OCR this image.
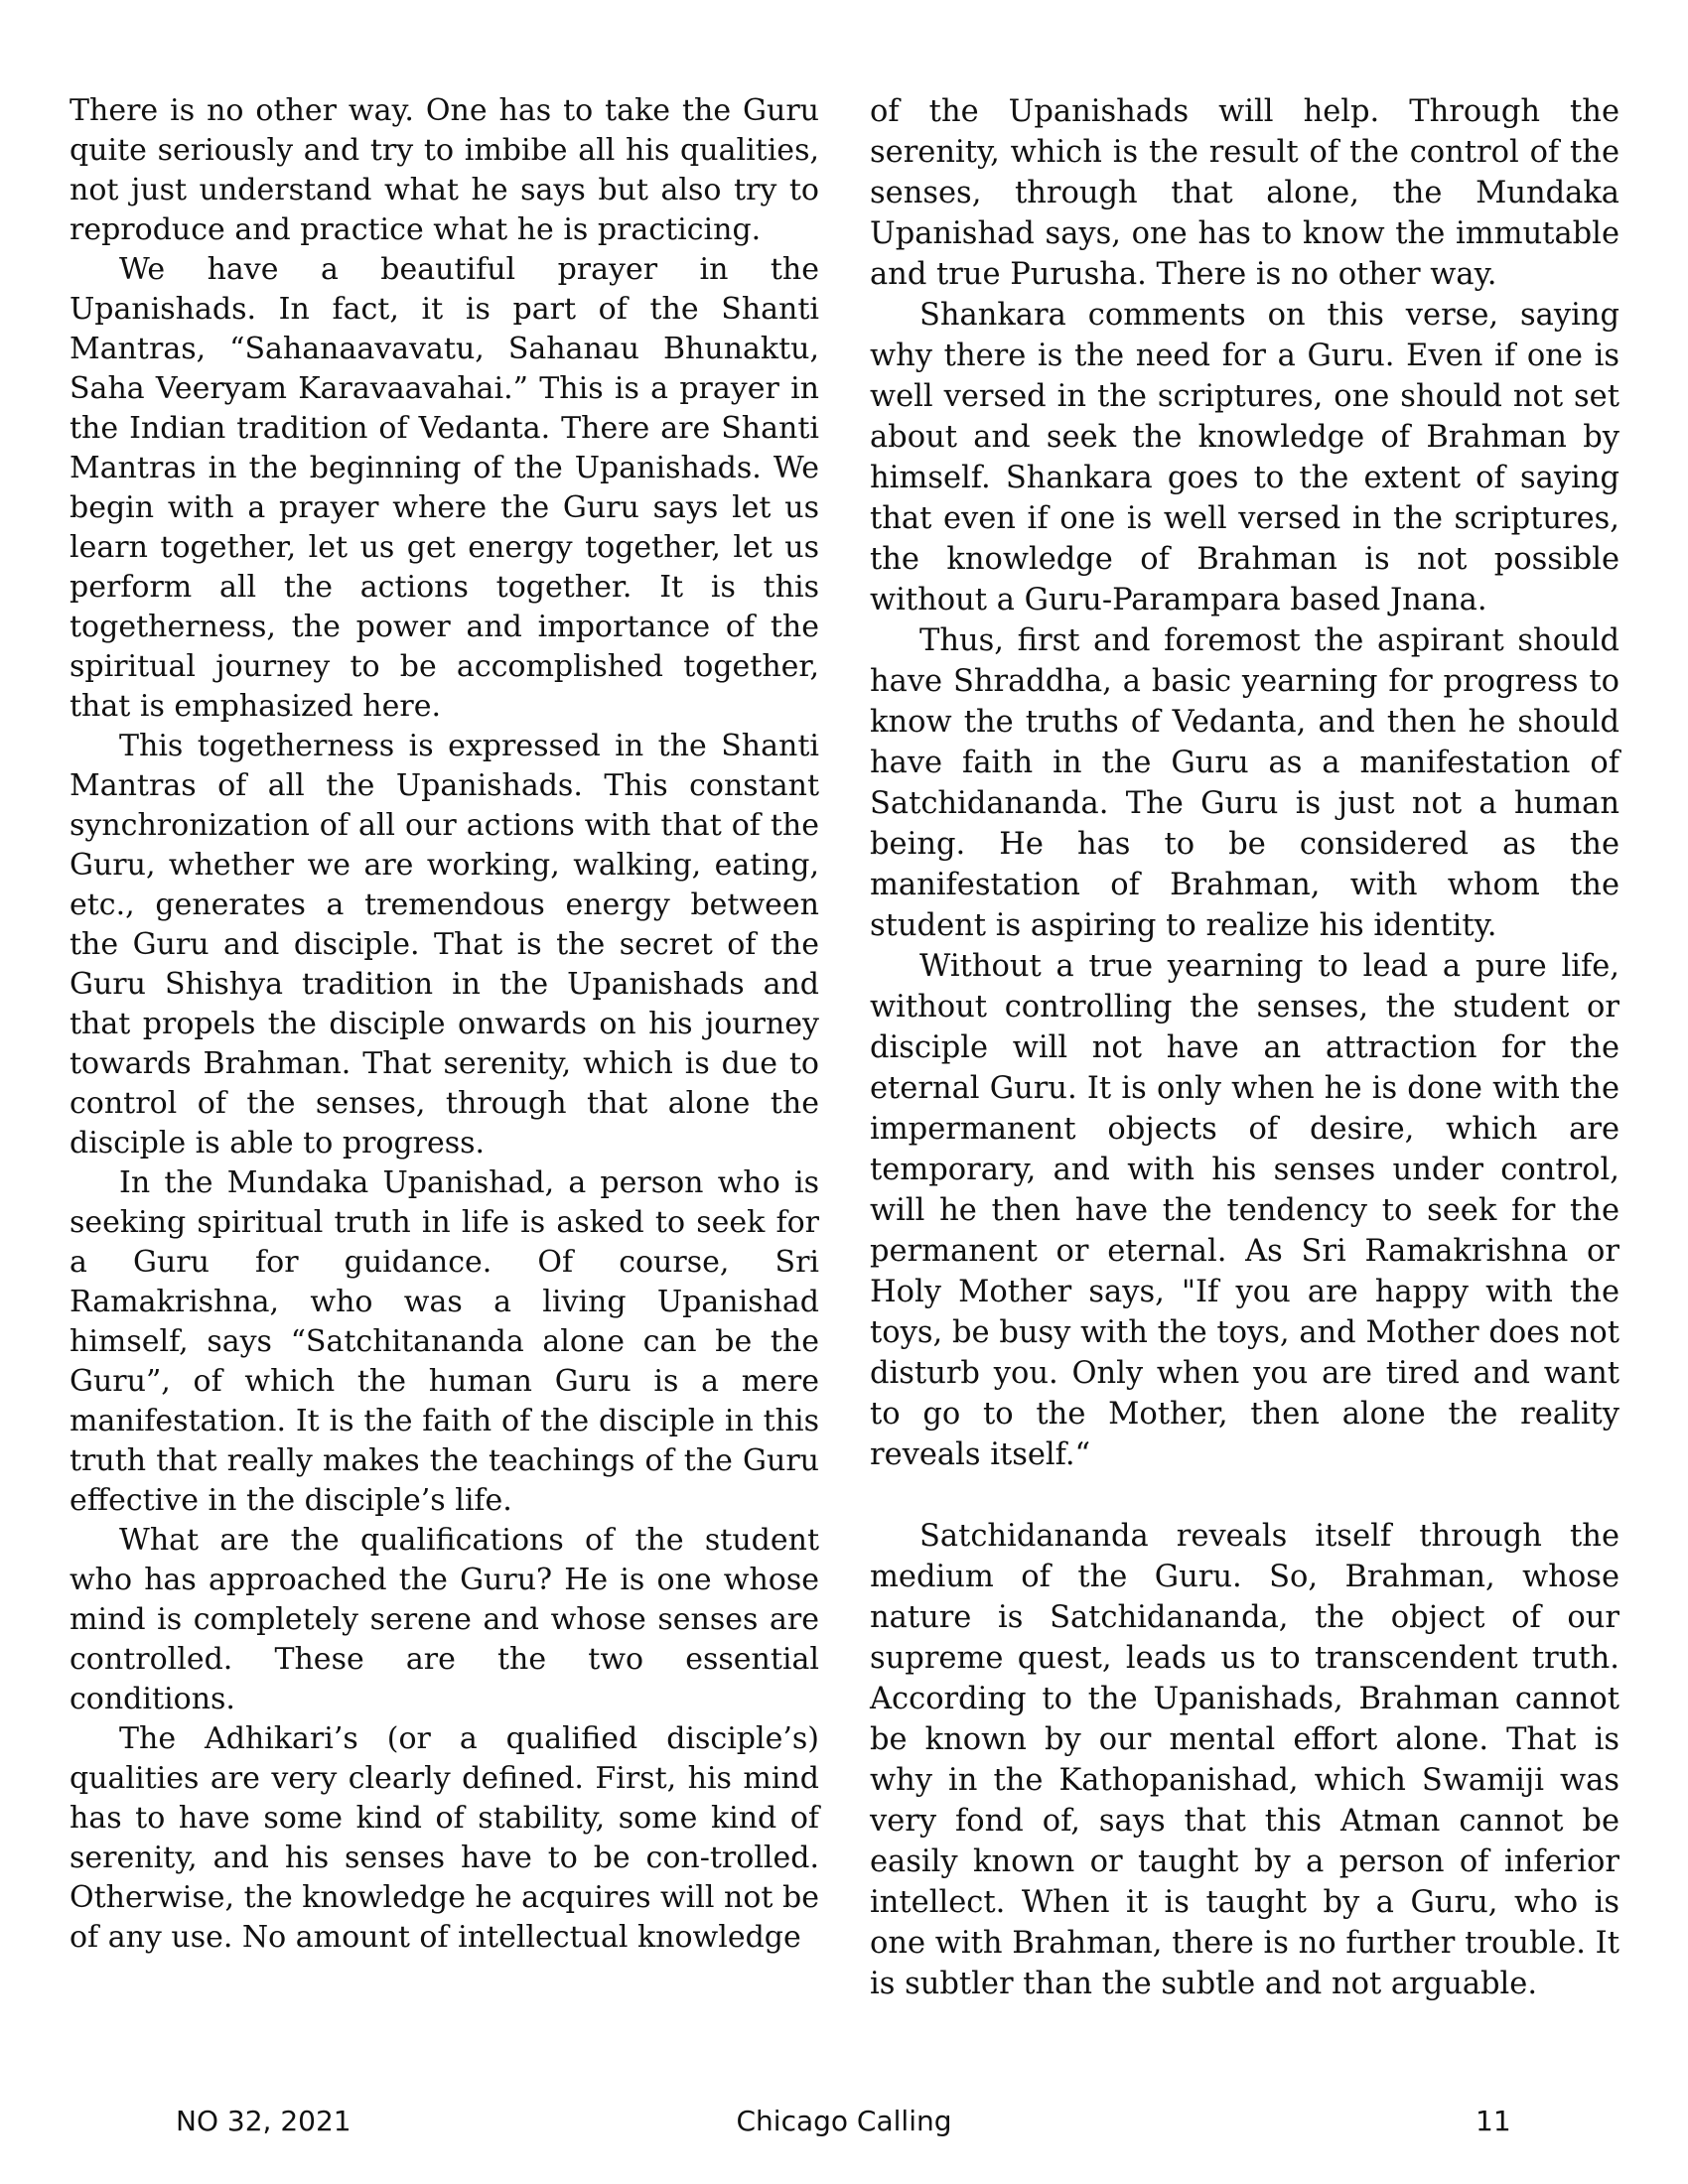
There is no other way. One has to take the Guru quite seriously and try to imbibe all his qualities, not just understand what he says but also try to reproduce and practice what he is practicing.

We have a beautiful prayer in the Upanishads. In fact, it is part of the Shanti Mantras, “Sahanaavavatu, Sahanau Bhunaktu, Saha Veeryam Karavaavahai.” This is a prayer in the Indian tradition of Vedanta. There are Shanti Mantras in the beginning of the Upanishads. We begin with a prayer where the Guru says let us learn together, let us get energy together, let us perform all the actions together. It is this togetherness, the power and importance of the spiritual journey to be accomplished together, that is emphasized here.

This togetherness is expressed in the Shanti Mantras of all the Upanishads. This constant synchronization of all our actions with that of the Guru, whether we are working, walking, eating, etc., generates a tremendous energy between the Guru and disciple. That is the secret of the Guru Shishya tradition in the Upanishads and that propels the disciple onwards on his journey towards Brahman. That serenity, which is due to control of the senses, through that alone the disciple is able to progress.

In the Mundaka Upanishad, a person who is seeking spiritual truth in life is asked to seek for a Guru for guidance. Of course, Sri Ramakrishna, who was a living Upanishad himself, says “Satchitananda alone can be the Guru”, of which the human Guru is a mere manifestation. It is the faith of the disciple in this truth that really makes the teachings of the Guru effective in the disciple’s life.

What are the qualifications of the student who has approached the Guru? He is one whose mind is completely serene and whose senses are controlled. These are the two essential conditions.

The Adhikari’s (or a qualified disciple’s) qualities are very clearly defined. First, his mind has to have some kind of stability, some kind of serenity, and his senses have to be con-trolled. Otherwise, the knowledge he acquires will not be of any use. No amount of intellectual knowledge

of the Upanishads will help. Through the serenity, which is the result of the control of the senses, through that alone, the Mundaka Upanishad says, one has to know the immutable and true Purusha. There is no other way.

Shankara comments on this verse, saying why there is the need for a Guru. Even if one is well versed in the scriptures, one should not set about and seek the knowledge of Brahman by himself. Shankara goes to the extent of saying that even if one is well versed in the scriptures, the knowledge of Brahman is not possible without a Guru-Parampara based Jnana.

Thus, first and foremost the aspirant should have Shraddha, a basic yearning for progress to know the truths of Vedanta, and then he should have faith in the Guru as a manifestation of Satchidananda. The Guru is just not a human being. He has to be considered as the manifestation of Brahman, with whom the student is aspiring to realize his identity.

Without a true yearning to lead a pure life, without controlling the senses, the student or disciple will not have an attraction for the eternal Guru. It is only when he is done with the impermanent objects of desire, which are temporary, and with his senses under control, will he then have the tendency to seek for the permanent or eternal. As Sri Ramakrishna or Holy Mother says, "If you are happy with the toys, be busy with the toys, and Mother does not disturb you. Only when you are tired and want to go to the Mother, then alone the reality reveals itself.“

Satchidananda reveals itself through the medium of the Guru. So, Brahman, whose nature is Satchidananda, the object of our supreme quest, leads us to transcendent truth. According to the Upanishads, Brahman cannot be known by our mental effort alone. That is why in the Kathopanishad, which Swamiji was very fond of, says that this Atman cannot be easily known or taught by a person of inferior intellect. When it is taught by a Guru, who is one with Brahman, there is no further trouble. It is subtler than the subtle and not arguable.

NO 32, 2021	Chicago Calling	11
